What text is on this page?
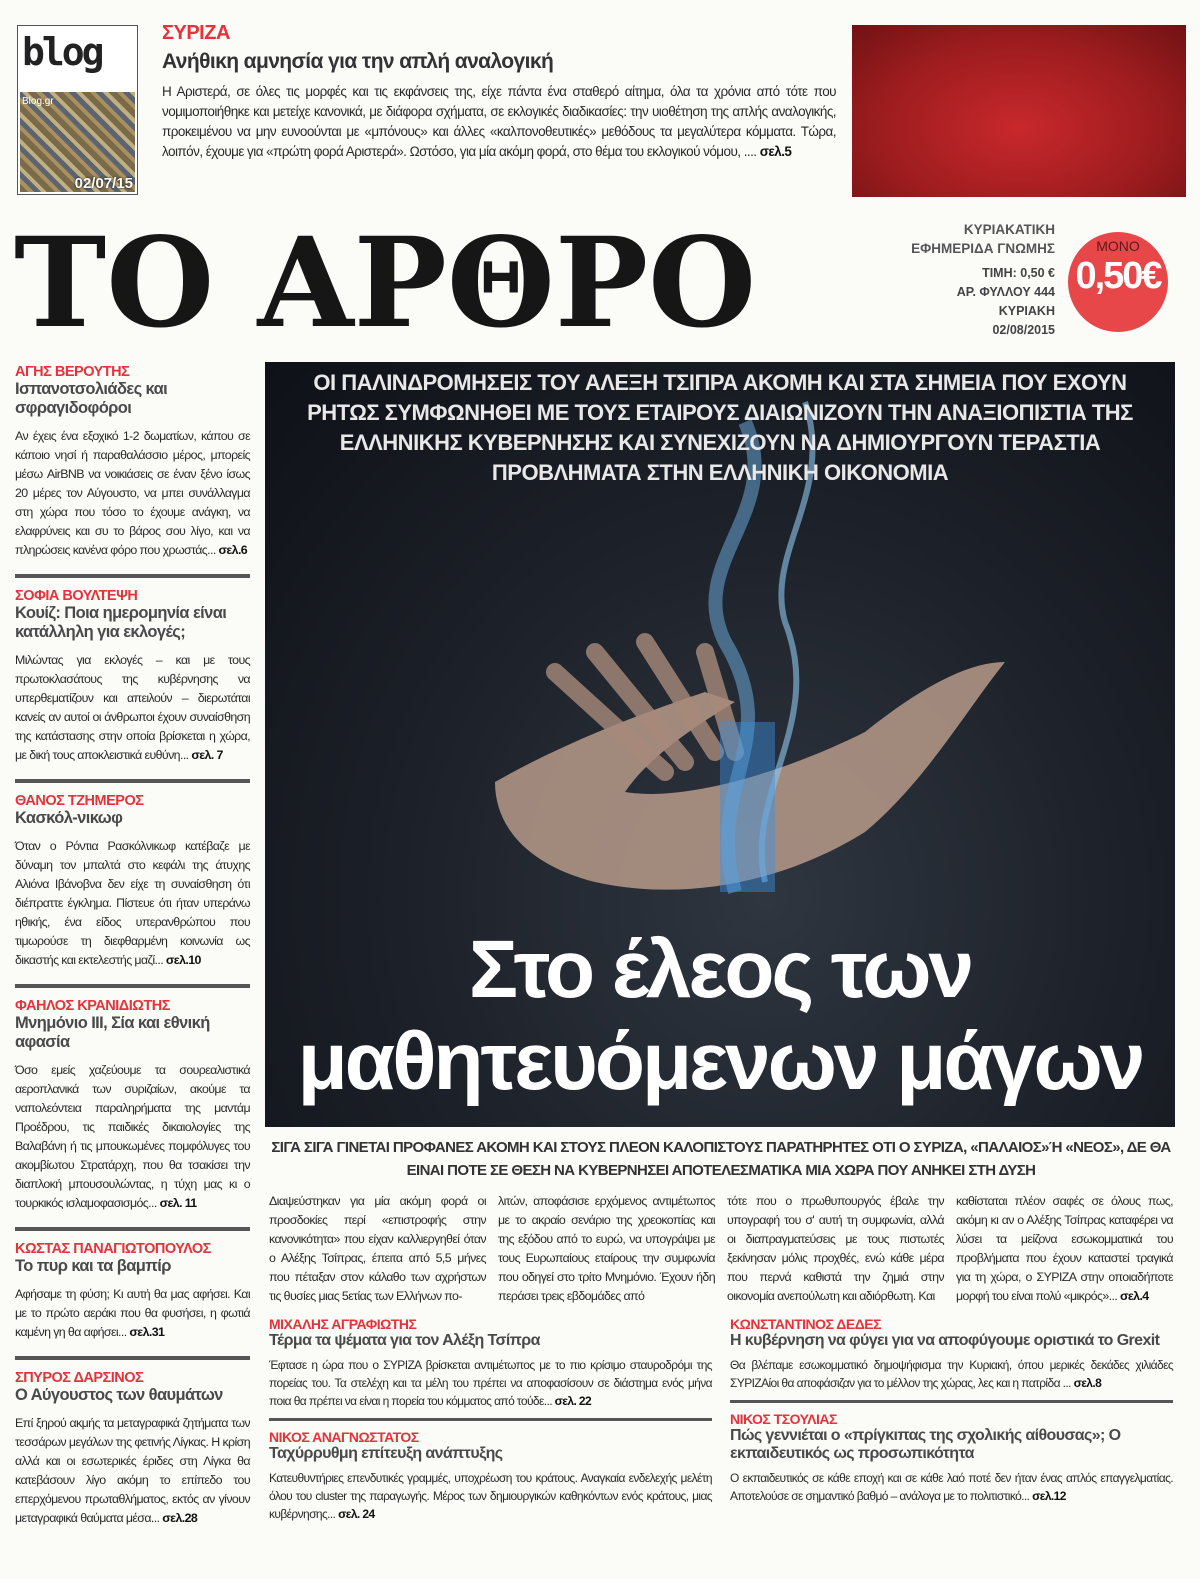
blog
Blog.gr
02/07/15
ΣΥΡΙΖΑ
Ανήθικη αμνησία για την απλή αναλογική
Η Αριστερά, σε όλες τις μορφές και τις εκφάνσεις της, είχε πάντα ένα σταθερό αίτημα, όλα τα χρόνια από τότε που νομιμοποιήθηκε και μετείχε κανονικά, με διάφορα σχήματα, σε εκλογικές διαδικασίες: την υιοθέτηση της απλής αναλογικής, προκειμένου να μην ευνοούνται με «μπόνους» και άλλες «καλπονοθευτικές» μεθόδους τα μεγαλύτερα κόμματα. Τώρα, λοιπόν, έχουμε για «πρώτη φορά Αριστερά». Ωστόσο, για μία ακόμη φορά, στο θέμα του εκλογικού νόμου, .... σελ.5
ΤΟ ΑΡΘΡΟ	ΚΥΡΙΑΚΑΤΙΚΗ
ΕΦΗΜΕΡΙΔΑ ΓΝΩΜΗΣ
ΤΙΜΗ: 0,50 €
ΑΡ. ΦΥΛΛΟΥ 444
ΚΥΡΙΑΚΗ
02/08/2015
ΜΟΝΟ
0,50€
ΑΓΗΣ ΒΕΡΟΥΤΗΣ
Ισπανοτσολιάδες και σφραγιδοφόροι
Αν έχεις ένα εξοχικό 1-2 δωματίων, κάπου σε κάποιο νησί ή παραθαλάσσιο μέρος, μπορείς μέσω AirBNB να νοικιάσεις σε έναν ξένο ίσως 20 μέρες τον Αύγουστο, να μπει συνάλλαγμα στη χώρα που τόσο το έχουμε ανάγκη, να ελαφρύνεις και συ το βάρος σου λίγο, και να πληρώσεις κανένα φόρο που χρωστάς... σελ.6
ΣΟΦΙΑ ΒΟΥΛΤΕΨΗ
Κουίζ: Ποια ημερομηνία είναι κατάλληλη για εκλογές;
Μιλώντας για εκλογές – και με τους πρωτοκλασάτους της κυβέρνησης να υπερθεματίζουν και απειλούν – διερωτάται κανείς αν αυτοί οι άνθρωποι έχουν συναίσθηση της κατάστασης στην οποία βρίσκεται η χώρα, με δική τους αποκλειστικά ευθύνη... σελ. 7
ΘΑΝΟΣ ΤΖΗΜΕΡΟΣ
Κασκόλ-νικωφ
Όταν ο Ρόντια Ρασκόλνικωφ κατέβαζε με δύναμη τον μπαλτά στο κεφάλι της άτυχης Αλιόνα Ιβάνοβνα δεν είχε τη συναίσθηση ότι διέπραττε έγκλημα. Πίστευε ότι ήταν υπεράνω ηθικής, ένα είδος υπερανθρώπου που τιμωρούσε τη διεφθαρμένη κοινωνία ως δικαστής και εκτελεστής μαζί... σελ.10
ΦΑΗΛΟΣ ΚΡΑΝΙΔΙΩΤΗΣ
Μνημόνιο ΙΙΙ, Σία και εθνική αφασία
Όσο εμείς χαζεύουμε τα σουρεαλιστικά αεροπλανικά των συριζαίων, ακούμε τα ναπολεόντεια παραληρήματα της μαντάμ Προέδρου, τις παιδικές δικαιολογίες της Βαλαβάνη ή τις μπουκωμένες πομφόλυγες του ακομβίωτου Στρατάρχη, που θα τσακίσει την διαπλοκή μπουσουλώντας, η τύχη μας κι ο τουρκικός ισλαμοφασισμός... σελ. 11
ΚΩΣΤΑΣ ΠΑΝΑΓΙΩΤΟΠΟΥΛΟΣ
Το πυρ και τα βαμπίρ
Αφήσαμε τη φύση; Κι αυτή θα μας αφήσει. Και με το πρώτο αεράκι που θα φυσήσει, η φωτιά καμένη γη θα αφήσει... σελ.31
ΣΠΥΡΟΣ ΔΑΡΣΙΝΟΣ
Ο Αύγουστος των θαυμάτων
Επί ξηρού ακμής τα μεταγραφικά ζητήματα των τεσσάρων μεγάλων της φετινής Λίγκας. Η κρίση αλλά και οι εσωτερικές έριδες στη Λίγκα θα κατεβάσουν λίγο ακόμη το επίπεδο του επερχόμενου πρωταθλήματος, εκτός αν γίνουν μεταγραφικά θαύματα μέσα... σελ.28
ΟΙ ΠΑΛΙΝΔΡΟΜΗΣΕΙΣ ΤΟΥ ΑΛΕΞΗ ΤΣΙΠΡΑ ΑΚΟΜΗ ΚΑΙ ΣΤΑ ΣΗΜΕΙΑ ΠΟΥ ΕΧΟΥΝ ΡΗΤΩΣ ΣΥΜΦΩΝΗΘΕΙ ΜΕ ΤΟΥΣ ΕΤΑΙΡΟΥΣ ΔΙΑΙΩΝΙΖΟΥΝ ΤΗΝ ΑΝΑΞΙΟΠΙΣΤΙΑ ΤΗΣ ΕΛΛΗΝΙΚΗΣ ΚΥΒΕΡΝΗΣΗΣ ΚΑΙ ΣΥΝΕΧΙΖΟΥΝ ΝΑ ΔΗΜΙΟΥΡΓΟΥΝ ΤΕΡΑΣΤΙΑ ΠΡΟΒΛΗΜΑΤΑ ΣΤΗΝ ΕΛΛΗΝΙΚΗ ΟΙΚΟΝΟΜΙΑ
Στο έλεος των
μαθητευόμενων μάγων
ΣΙΓΑ ΣΙΓΑ ΓΙΝΕΤΑΙ ΠΡΟΦΑΝΕΣ ΑΚΟΜΗ ΚΑΙ ΣΤΟΥΣ ΠΛΕΟΝ ΚΑΛΟΠΙΣΤΟΥΣ ΠΑΡΑΤΗΡΗΤΕΣ ΟΤΙ Ο ΣΥΡΙΖΑ, «ΠΑΛΑΙΟΣ»Ή «ΝΕΟΣ», ΔΕ ΘΑ ΕΙΝΑΙ ΠΟΤΕ ΣΕ ΘΕΣΗ ΝΑ ΚΥΒΕΡΝΗΣΕΙ ΑΠΟΤΕΛΕΣΜΑΤΙΚΑ ΜΙΑ ΧΩΡΑ ΠΟΥ ΑΝΗΚΕΙ ΣΤΗ ΔΥΣΗ
Διαψεύστηκαν για μία ακόμη φορά οι προσδοκίες περί «επιστροφής στην κανονικότητα» που είχαν καλλιεργηθεί όταν ο Αλέξης Τσίπρας, έπειτα από 5,5 μήνες που πέταξαν στον κάλαθο των αχρήστων τις θυσίες μιας 5ετίας των Ελλήνων πο-
λιτών, αποφάσισε ερχόμενος αντιμέτωπος με το ακραίο σενάριο της χρεοκοπίας και της εξόδου από το ευρώ, να υπογράψει με τους Ευρωπαίους εταίρους την συμφωνία που οδηγεί στο τρίτο Μνημόνιο. Έχουν ήδη περάσει τρεις εβδομάδες από
τότε που ο πρωθυπουργός έβαλε την υπογραφή του σ' αυτή τη συμφωνία, αλλά οι διαπραγματεύσεις με τους πιστωτές ξεκίνησαν μόλις προχθές, ενώ κάθε μέρα που περνά καθιστά την ζημιά στην οικονομία ανεπούλωτη και αδιόρθωτη. Και
καθίσταται πλέον σαφές σε όλους πως, ακόμη κι αν ο Αλέξης Τσίπρας καταφέρει να λύσει τα μείζονα εσωκομματικά του προβλήματα που έχουν καταστεί τραγικά για τη χώρα, ο ΣΥΡΙΖΑ στην οποιαδήποτε μορφή του είναι πολύ «μικρός»... σελ.4
ΜΙΧΑΛΗΣ ΑΓΡΑΦΙΩΤΗΣ
Τέρμα τα ψέματα για τον Αλέξη Τσίπρα
Έφτασε η ώρα που ο ΣΥΡΙΖΑ βρίσκεται αντιμέτωπος με το πιο κρίσιμο σταυροδρόμι της πορείας του. Τα στελέχη και τα μέλη του πρέπει να αποφασίσουν σε διάστημα ενός μήνα ποια θα πρέπει να είναι η πορεία του κόμματος από τούδε... σελ. 22
ΝΙΚΟΣ ΑΝΑΓΝΩΣΤΑΤΟΣ
Ταχύρρυθμη επίτευξη ανάπτυξης
Κατευθυντήριες επενδυτικές γραμμές, υποχρέωση του κράτους. Αναγκαία ενδελεχής μελέτη όλου του cluster της παραγωγής. Μέρος των δημιουργικών καθηκόντων ενός κράτους, μιας κυβέρνησης... σελ. 24
ΚΩΝΣΤΑΝΤΙΝΟΣ ΔΕΔΕΣ
Η κυβέρνηση να φύγει για να αποφύγουμε οριστικά το Grexit
Θα βλέπαμε εσωκομματικό δημοψήφισμα την Κυριακή, όπου μερικές δεκάδες χιλιάδες ΣΥΡΙΖΑίοι θα αποφάσιζαν για το μέλλον της χώρας, λες και η πατρίδα ... σελ.8
ΝΙΚΟΣ ΤΣΟΥΛΙΑΣ
Πώς γεννιέται ο «πρίγκιπας της σχολικής αίθουσας»; Ο εκπαιδευτικός ως προσωπικότητα
Ο εκπαιδευτικός σε κάθε εποχή και σε κάθε λαό ποτέ δεν ήταν ένας απλός επαγγελματίας. Αποτελούσε σε σημαντικό βαθμό – ανάλογα με το πολιτιστικό... σελ.12
